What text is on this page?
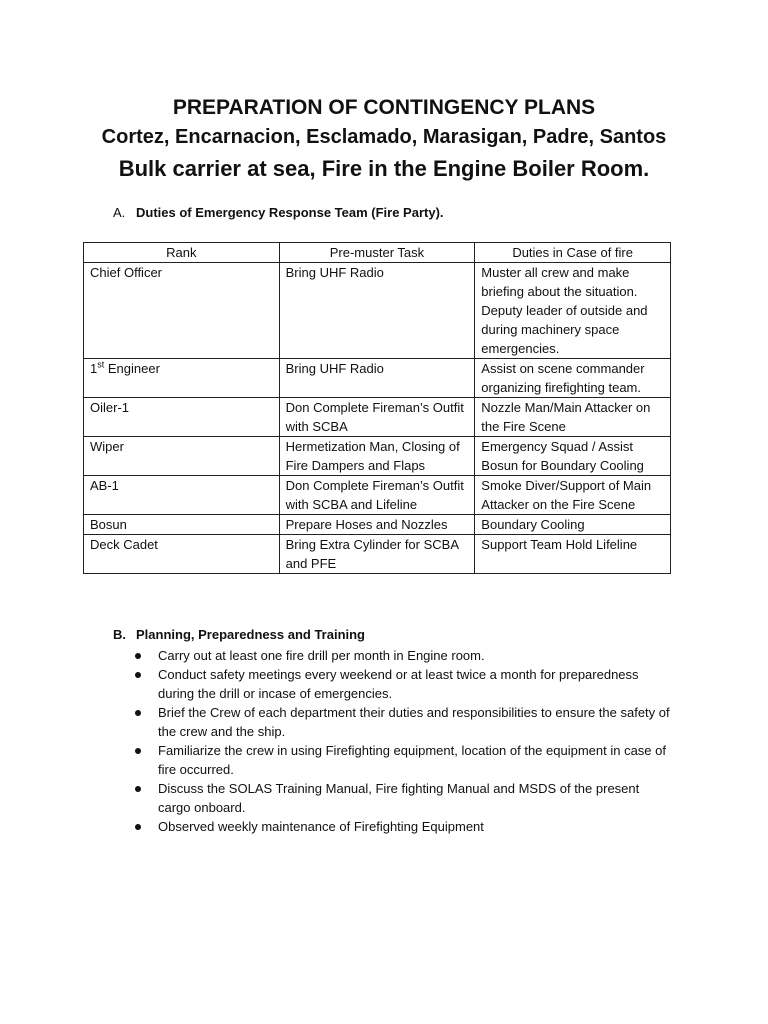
PREPARATION OF CONTINGENCY PLANS
Cortez, Encarnacion, Esclamado, Marasigan, Padre, Santos
Bulk carrier at sea, Fire in the Engine Boiler Room.
A. Duties of Emergency Response Team (Fire Party).
Rank	Pre-muster Task	Duties in Case of fire
Chief Officer	Bring UHF Radio	Muster all crew and make briefing about the situation. Deputy leader of outside and during machinery space emergencies.
1st Engineer	Bring UHF Radio	Assist on scene commander organizing firefighting team.
Oiler-1	Don Complete Fireman’s Outfit with SCBA	Nozzle Man/Main Attacker on the Fire Scene
Wiper	Hermetization Man, Closing of Fire Dampers and Flaps	Emergency Squad / Assist Bosun for Boundary Cooling
AB-1	Don Complete Fireman’s Outfit with SCBA and Lifeline	Smoke Diver/Support of Main Attacker on the Fire Scene
Bosun	Prepare Hoses and Nozzles	Boundary Cooling
Deck Cadet	Bring Extra Cylinder for SCBA and PFE	Support Team Hold Lifeline
B. Planning, Preparedness and Training
Carry out at least one fire drill per month in Engine room.
Conduct safety meetings every weekend or at least twice a month for preparedness during the drill or incase of emergencies.
Brief the Crew of each department their duties and responsibilities to ensure the safety of the crew and the ship.
Familiarize the crew in using Firefighting equipment, location of the equipment in case of fire occurred.
Discuss the SOLAS Training Manual, Fire fighting Manual and MSDS of the present cargo onboard.
Observed weekly maintenance of Firefighting Equipment
